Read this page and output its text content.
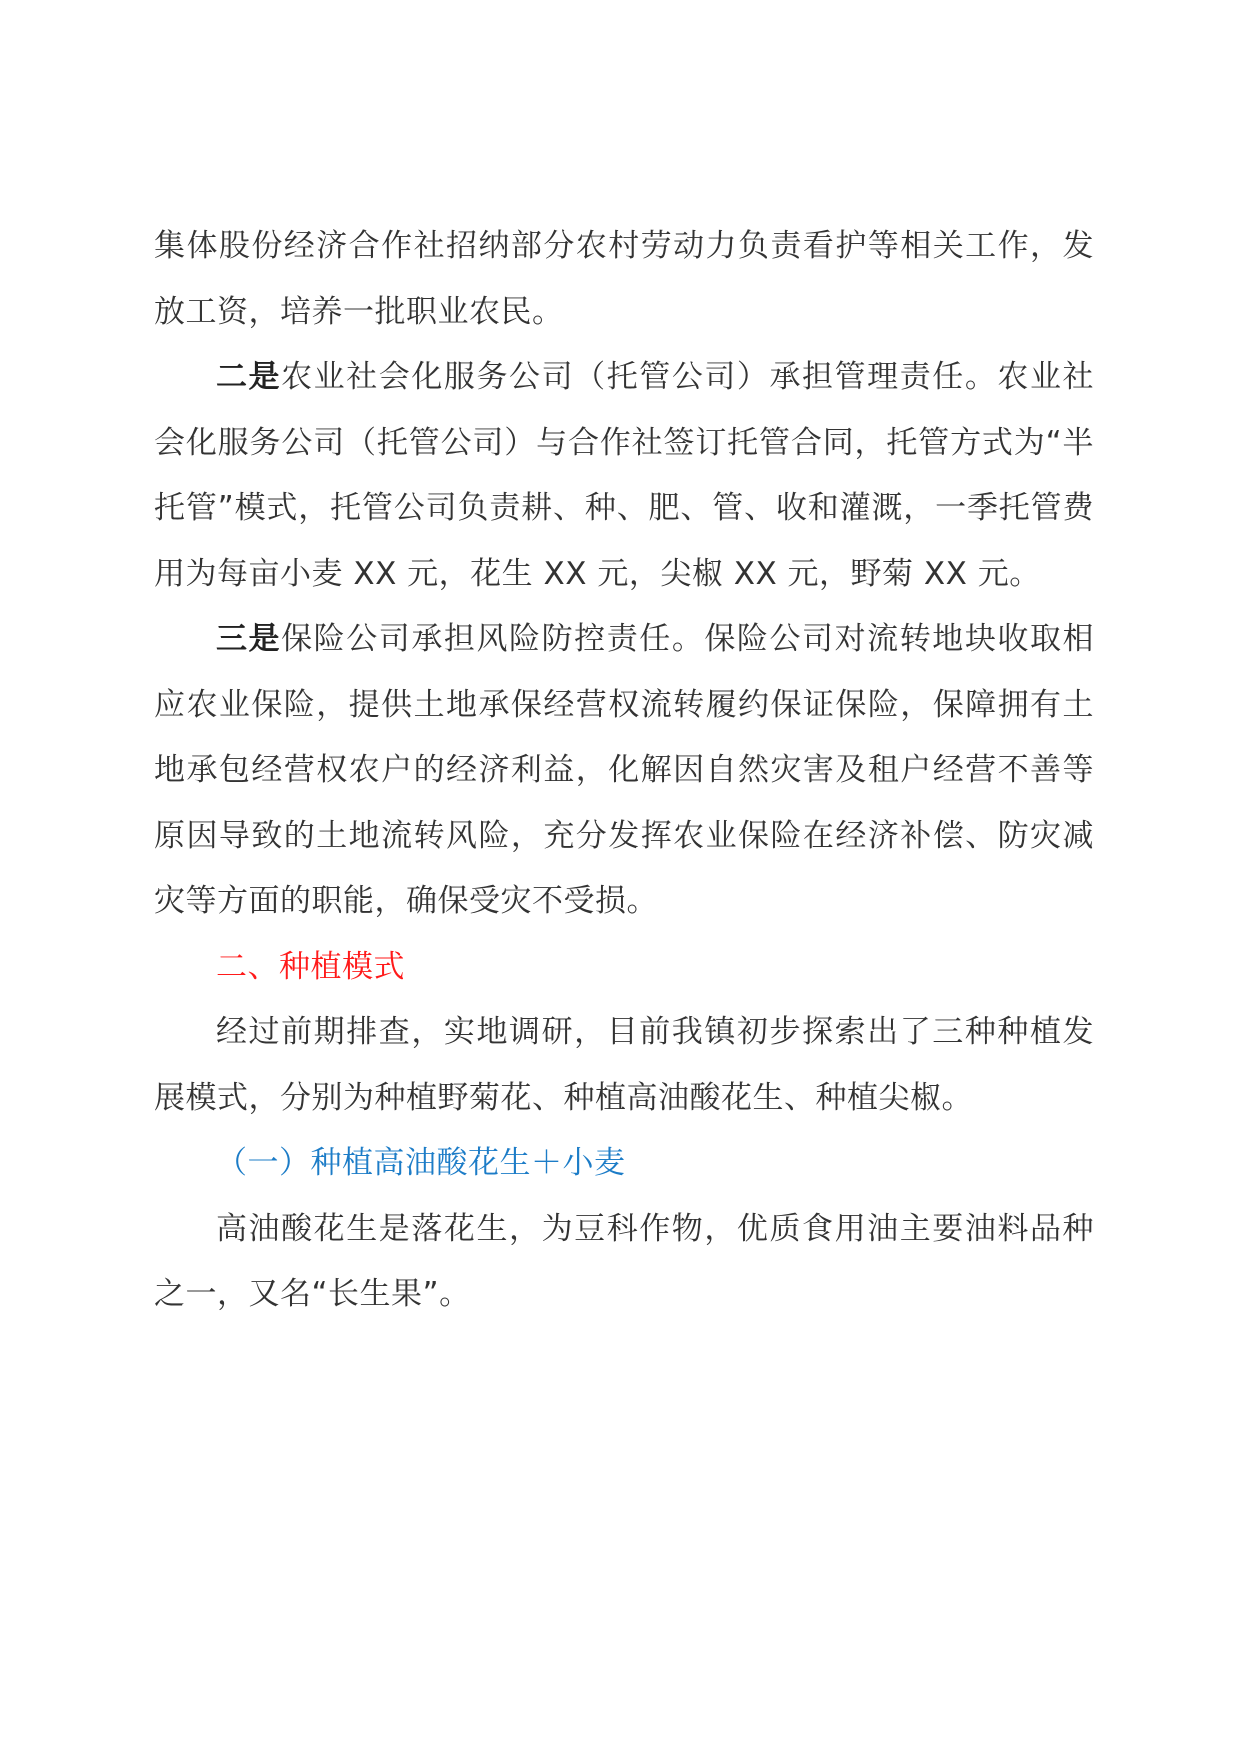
集体股份经济合作社招纳部分农村劳动力负责看护等相关工作，发放工资，培养一批职业农民。

二是农业社会化服务公司（托管公司）承担管理责任。农业社会化服务公司（托管公司）与合作社签订托管合同，托管方式为“半托管”模式，托管公司负责耕、种、肥、管、收和灌溉，一季托管费用为每亩小麦 XX 元，花生 XX 元，尖椒 XX 元，野菊 XX 元。

三是保险公司承担风险防控责任。保险公司对流转地块收取相应农业保险，提供土地承保经营权流转履约保证保险，保障拥有土地承包经营权农户的经济利益，化解因自然灾害及租户经营不善等原因导致的土地流转风险，充分发挥农业保险在经济补偿、防灾减灾等方面的职能，确保受灾不受损。

二、种植模式

经过前期排查，实地调研，目前我镇初步探索出了三种种植发展模式，分别为种植野菊花、种植高油酸花生、种植尖椒。

（一）种植高油酸花生＋小麦

高油酸花生是落花生，为豆科作物，优质食用油主要油料品种之一，又名“长生果”。
